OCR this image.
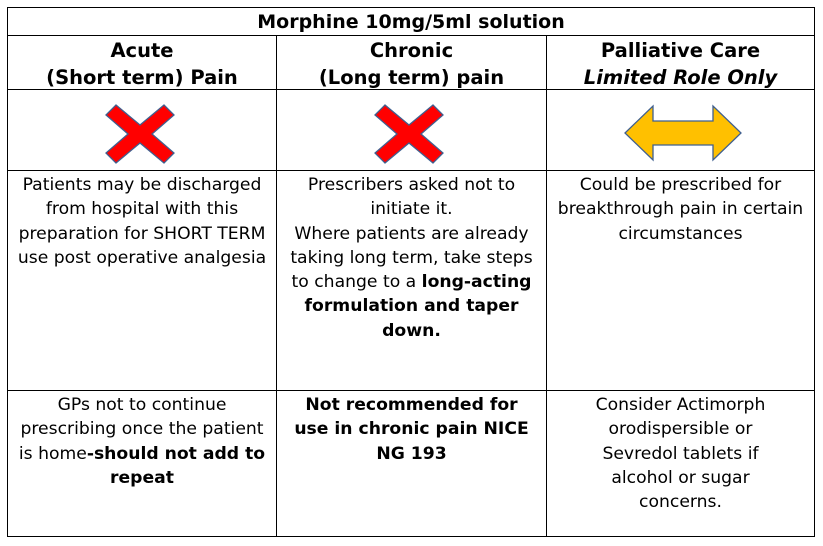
Morphine 10mg/5ml solution
Acute
(Short term) Pain
Chronic
(Long term) pain
Palliative Care
Limited Role Only
Patients may be discharged from hospital with this preparation for SHORT TERM use post operative analgesia
Prescribers asked not to initiate it.
Where patients are already taking long term, take steps to change to a long-acting formulation and taper down.
Could be prescribed for breakthrough pain in certain circumstances
GPs not to continue prescribing once the patient is home-should not add to repeat
Not recommended for use in chronic pain NICE NG 193
Consider Actimorph orodispersible or Sevredol tablets if alcohol or sugar concerns.
